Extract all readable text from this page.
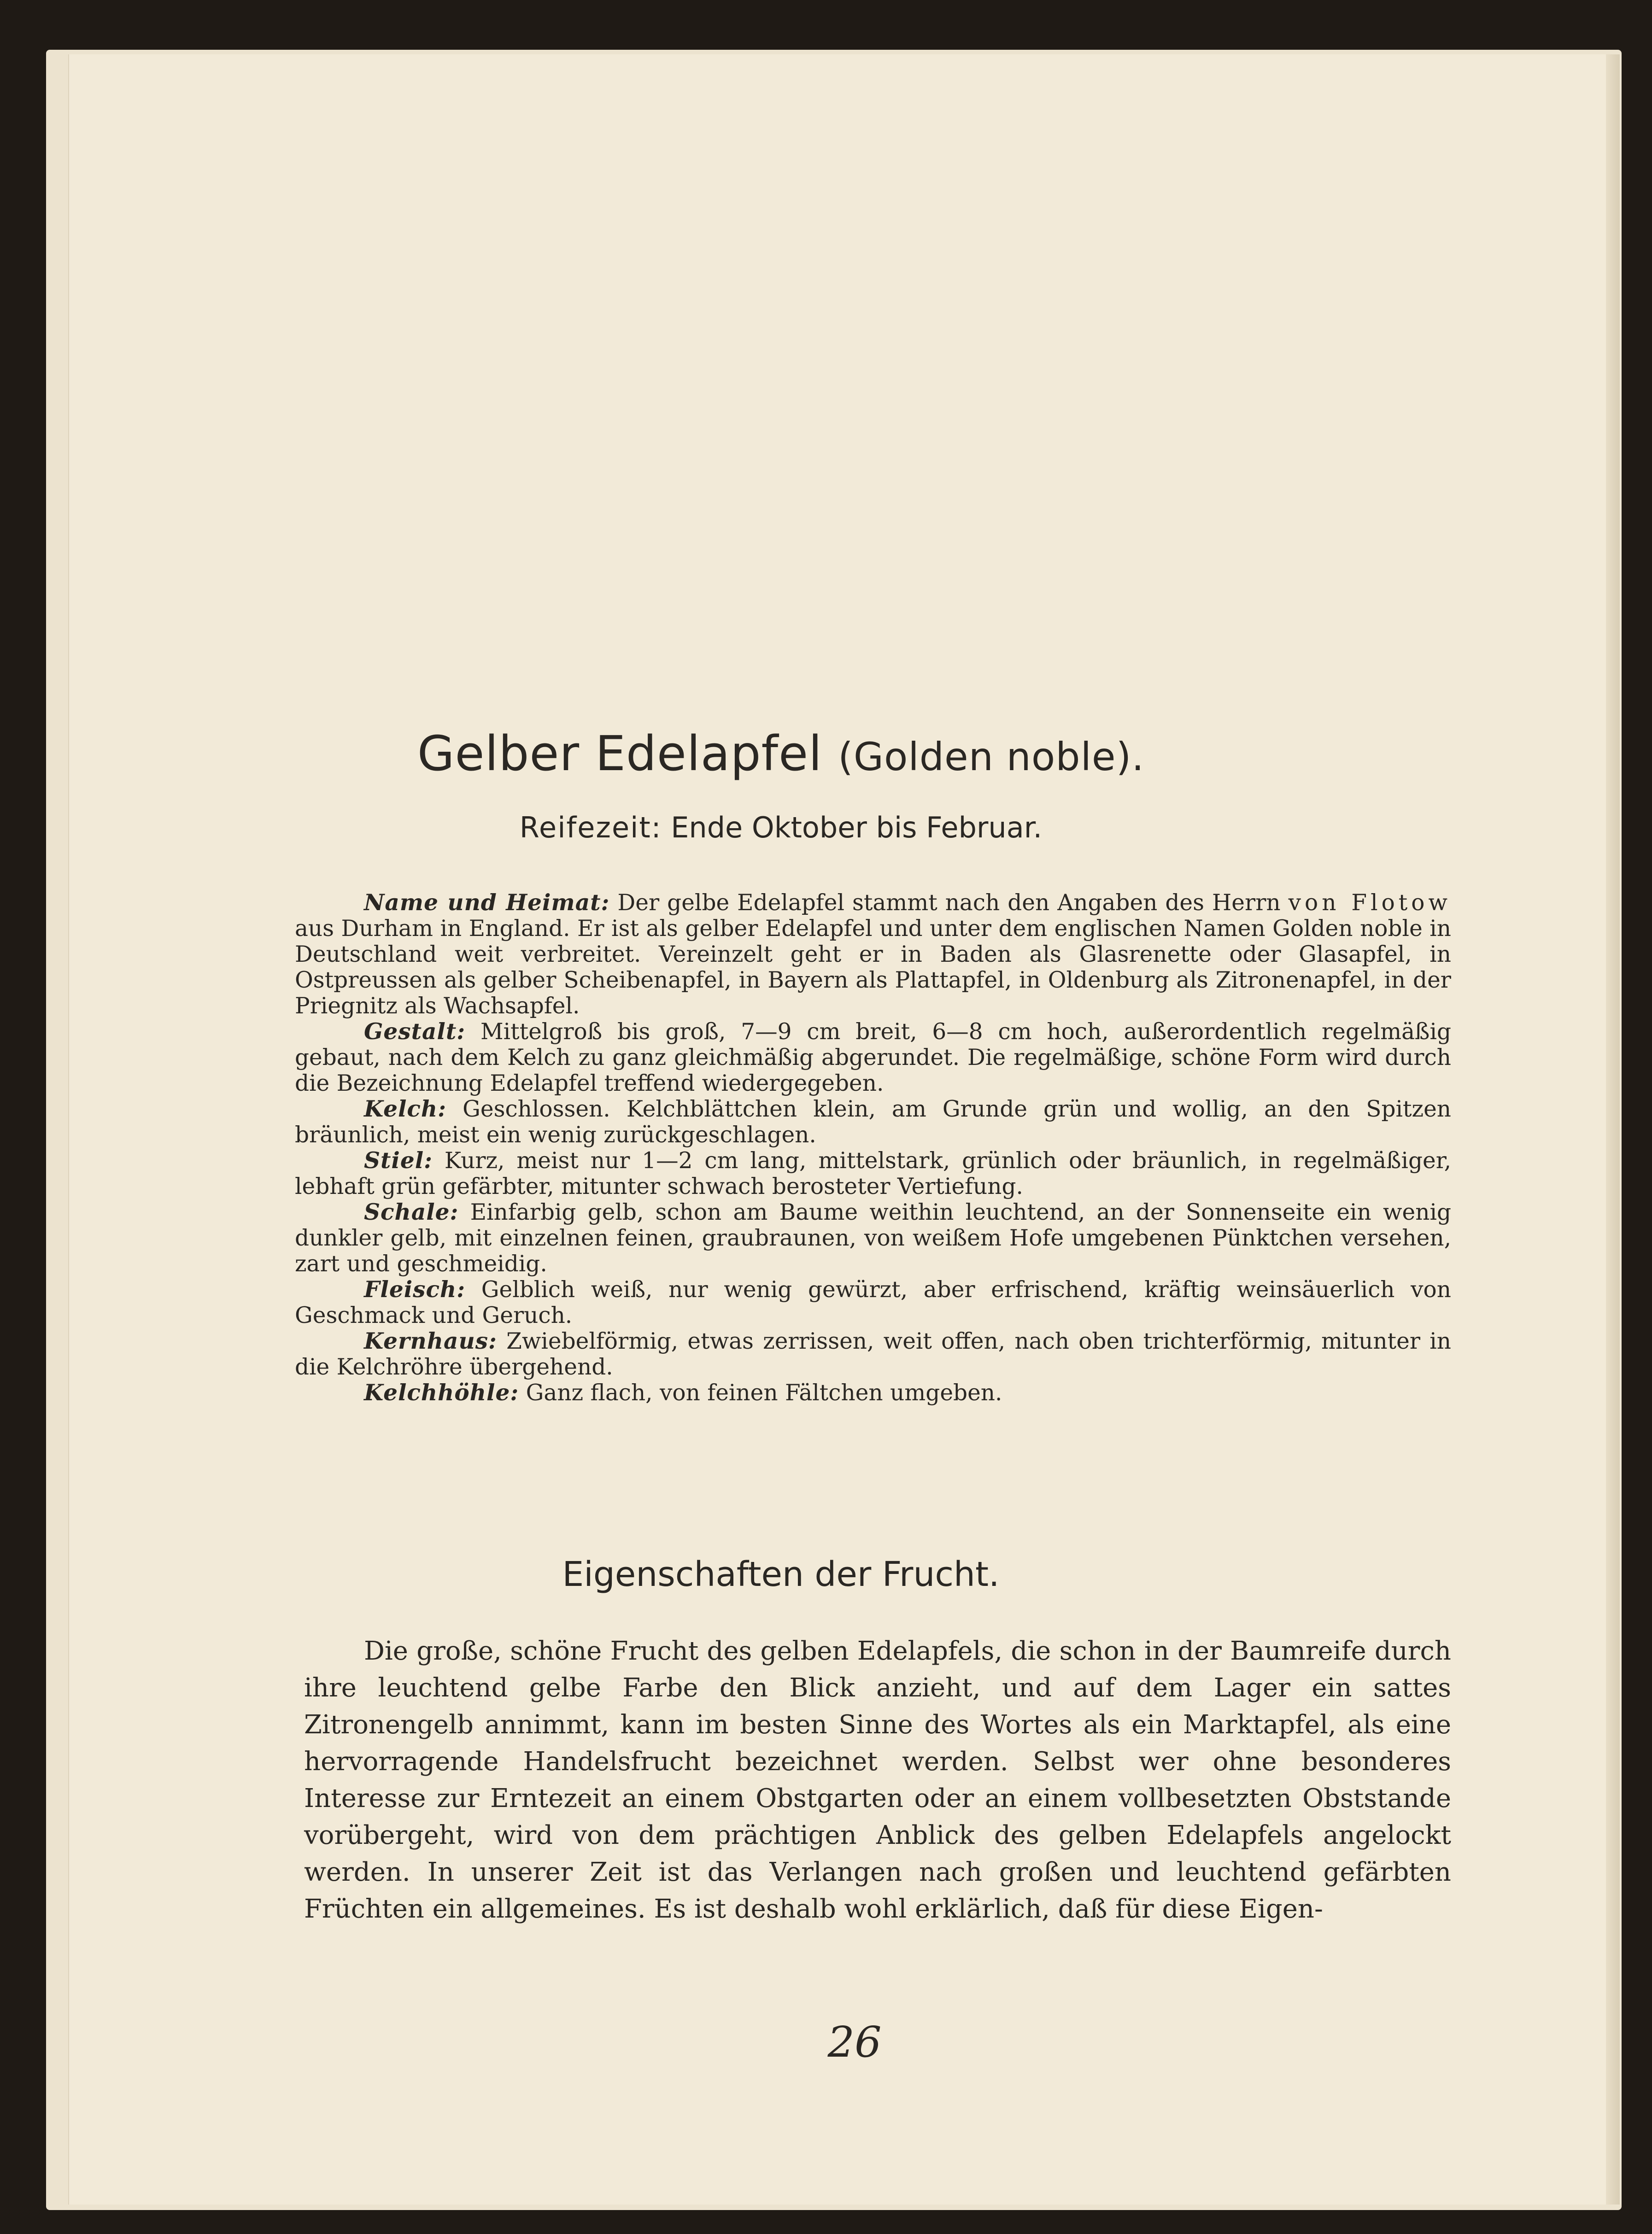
Gelber Edelapfel (Golden noble).
Reifezeit: Ende Oktober bis Februar.

Name und Heimat: Der gelbe Edelapfel stammt nach den Angaben des Herrn von Flotow aus Durham in England. Er ist als gelber Edelapfel und unter dem englischen Namen Golden noble in Deutschland weit verbreitet. Vereinzelt geht er in Baden als Glasrenette oder Glasapfel, in Ostpreussen als gelber Scheibenapfel, in Bayern als Plattapfel, in Oldenburg als Zitronenapfel, in der Priegnitz als Wachsapfel.

Gestalt: Mittelgroß bis groß, 7—9 cm breit, 6—8 cm hoch, außerordentlich regelmäßig gebaut, nach dem Kelch zu ganz gleichmäßig abgerundet. Die regelmäßige, schöne Form wird durch die Bezeichnung Edelapfel treffend wiedergegeben.

Kelch: Geschlossen. Kelchblättchen klein, am Grunde grün und wollig, an den Spitzen bräunlich, meist ein wenig zurückgeschlagen.

Stiel: Kurz, meist nur 1—2 cm lang, mittelstark, grünlich oder bräunlich, in regelmäßiger, lebhaft grün gefärbter, mitunter schwach berosteter Vertiefung.

Schale: Einfarbig gelb, schon am Baume weithin leuchtend, an der Sonnenseite ein wenig dunkler gelb, mit einzelnen feinen, graubraunen, von weißem Hofe umgebenen Pünktchen versehen, zart und geschmeidig.

Fleisch: Gelblich weiß, nur wenig gewürzt, aber erfrischend, kräftig weinsäuerlich von Geschmack und Geruch.

Kernhaus: Zwiebelförmig, etwas zerrissen, weit offen, nach oben trichterförmig, mitunter in die Kelchröhre übergehend.

Kelchhöhle: Ganz flach, von feinen Fältchen umgeben.

Eigenschaften der Frucht.

Die große, schöne Frucht des gelben Edelapfels, die schon in der Baumreife durch ihre leuchtend gelbe Farbe den Blick anzieht, und auf dem Lager ein sattes Zitronengelb annimmt, kann im besten Sinne des Wortes als ein Marktapfel, als eine hervorragende Handelsfrucht bezeichnet werden. Selbst wer ohne besonderes Interesse zur Erntezeit an einem Obstgarten oder an einem vollbesetzten Obststande vorübergeht, wird von dem prächtigen Anblick des gelben Edelapfels angelockt werden. In unserer Zeit ist das Verlangen nach großen und leuchtend gefärbten Früchten ein allgemeines. Es ist deshalb wohl erklärlich, daß für diese Eigen-

26
